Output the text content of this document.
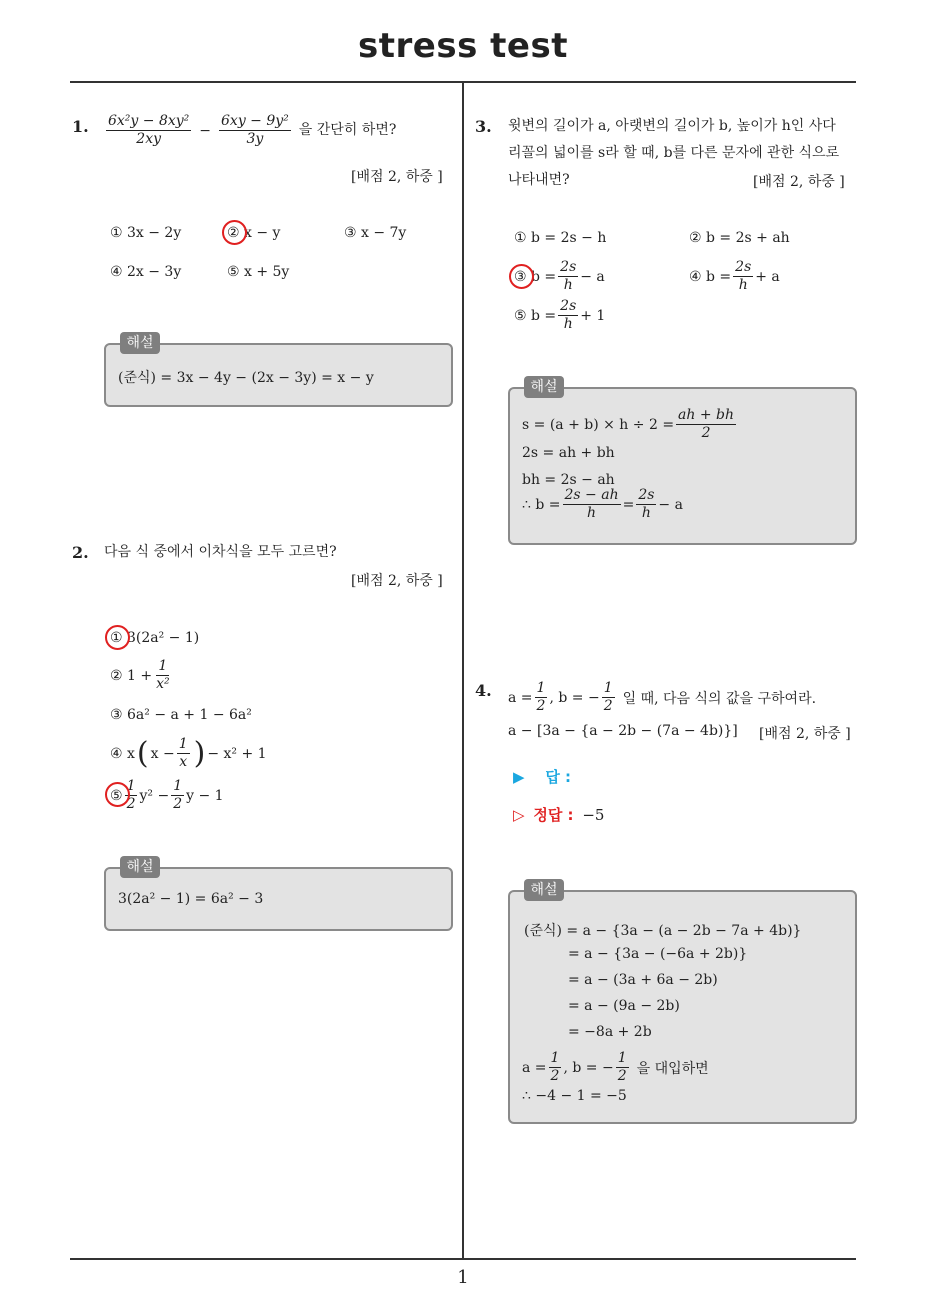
stress test
1
1. $\frac{\text{6x²y − 8xy²}}{2xy} - \frac{\text{6xy − 9y²}}{3y}$ 을 간단히 하면?
[배점 2, 하중 ]
① 3x − 2y	② x − y	③ x − 7y
④ 2x − 3y	⑤ x + 5y
(준식) = 3x − 4y − (2x − 3y) = x − y
해설
2. 다음 식 중에서 이차식을 모두 고르면?
[배점 2, 하중 ]
① 3(2a² − 1)
② $1 + \frac{1}{\text{x²}}$
③ 6a² − a + 1 − 6a²
④ x ( $x - \frac{1}{x}$ ) − x² + 1
⑤ $\frac{1}{2} y^2 - \frac{1}{2}$ y − 1
3(2a² − 1) = 6a² − 3
해설
3. 윗변의 길이가 a, 아랫변의 길이가 b, 높이가 h인 사다
리꼴의 넓이를 s라 할 때, b를 다른 문자에 관한 식으로
나타내면?	[배점 2, 하중 ]
① b = 2s − h	② b = 2s + ah
③ $b = \frac{2s}{h} - a$	④ $b = \frac{2s}{h} + a$
⑤ $b = \frac{2s}{h} + 1$
$s = (a + b) \times h \div 2 = \frac{ah + bh}{2}$
2s = ah + bh
bh = 2s − ah
∴ $b = \frac{2s - ah}{h} = \frac{2s}{h} - a$
해설
4. $a = \frac{1}{2}$ , b = − $\frac{1}{2}$ 일 때, 다음 식의 값을 구하여라.
a − [3a − {a − 2b − (7a − 4b)}] [배점 2, 하중 ]
▶ 답 :
▷ 정답 : −5
(준식) = a − {3a − (a − 2b − 7a + 4b)}
= a − {3a − (−6a + 2b)}
= a − (3a + 6a − 2b)
= a − (9a − 2b)
= −8a + 2b
$a = \frac{1}{2}$ , b = − $\frac{1}{2}$ 을 대입하면
∴ −4 − 1 = −5
해설
